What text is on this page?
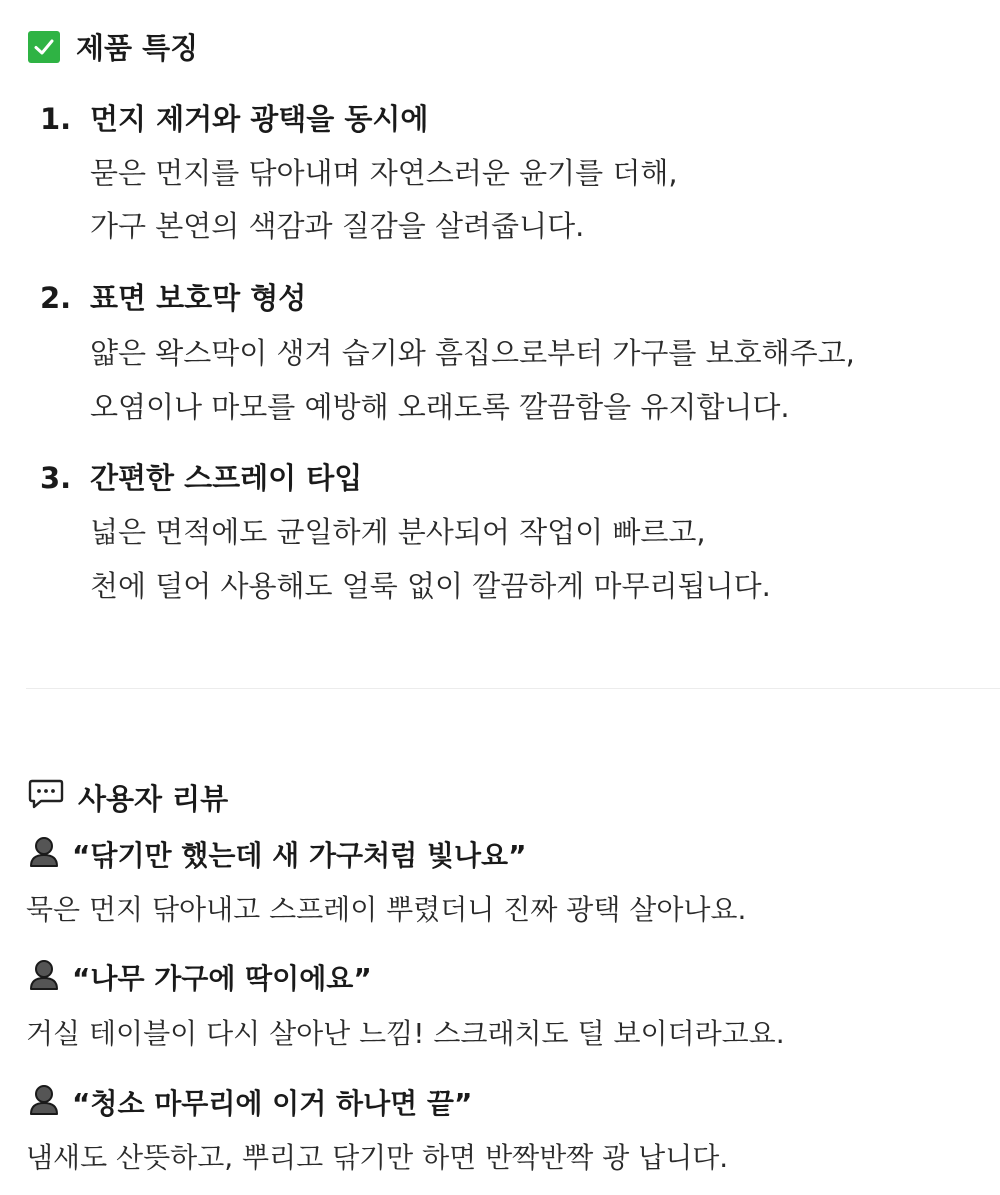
제품 특징
1. 먼지 제거와 광택을 동시에
묻은 먼지를 닦아내며 자연스러운 윤기를 더해,
가구 본연의 색감과 질감을 살려줍니다.
2. 표면 보호막 형성
얇은 왁스막이 생겨 습기와 흠집으로부터 가구를 보호해주고,
오염이나 마모를 예방해 오래도록 깔끔함을 유지합니다.
3. 간편한 스프레이 타입
넓은 면적에도 균일하게 분사되어 작업이 빠르고,
천에 덜어 사용해도 얼룩 없이 깔끔하게 마무리됩니다.
사용자 리뷰
“닦기만 했는데 새 가구처럼 빛나요”
묵은 먼지 닦아내고 스프레이 뿌렸더니 진짜 광택 살아나요.
“나무 가구에 딱이에요”
거실 테이블이 다시 살아난 느낌! 스크래치도 덜 보이더라고요.
“청소 마무리에 이거 하나면 끝”
냄새도 산뜻하고, 뿌리고 닦기만 하면 반짝반짝 광 납니다.
